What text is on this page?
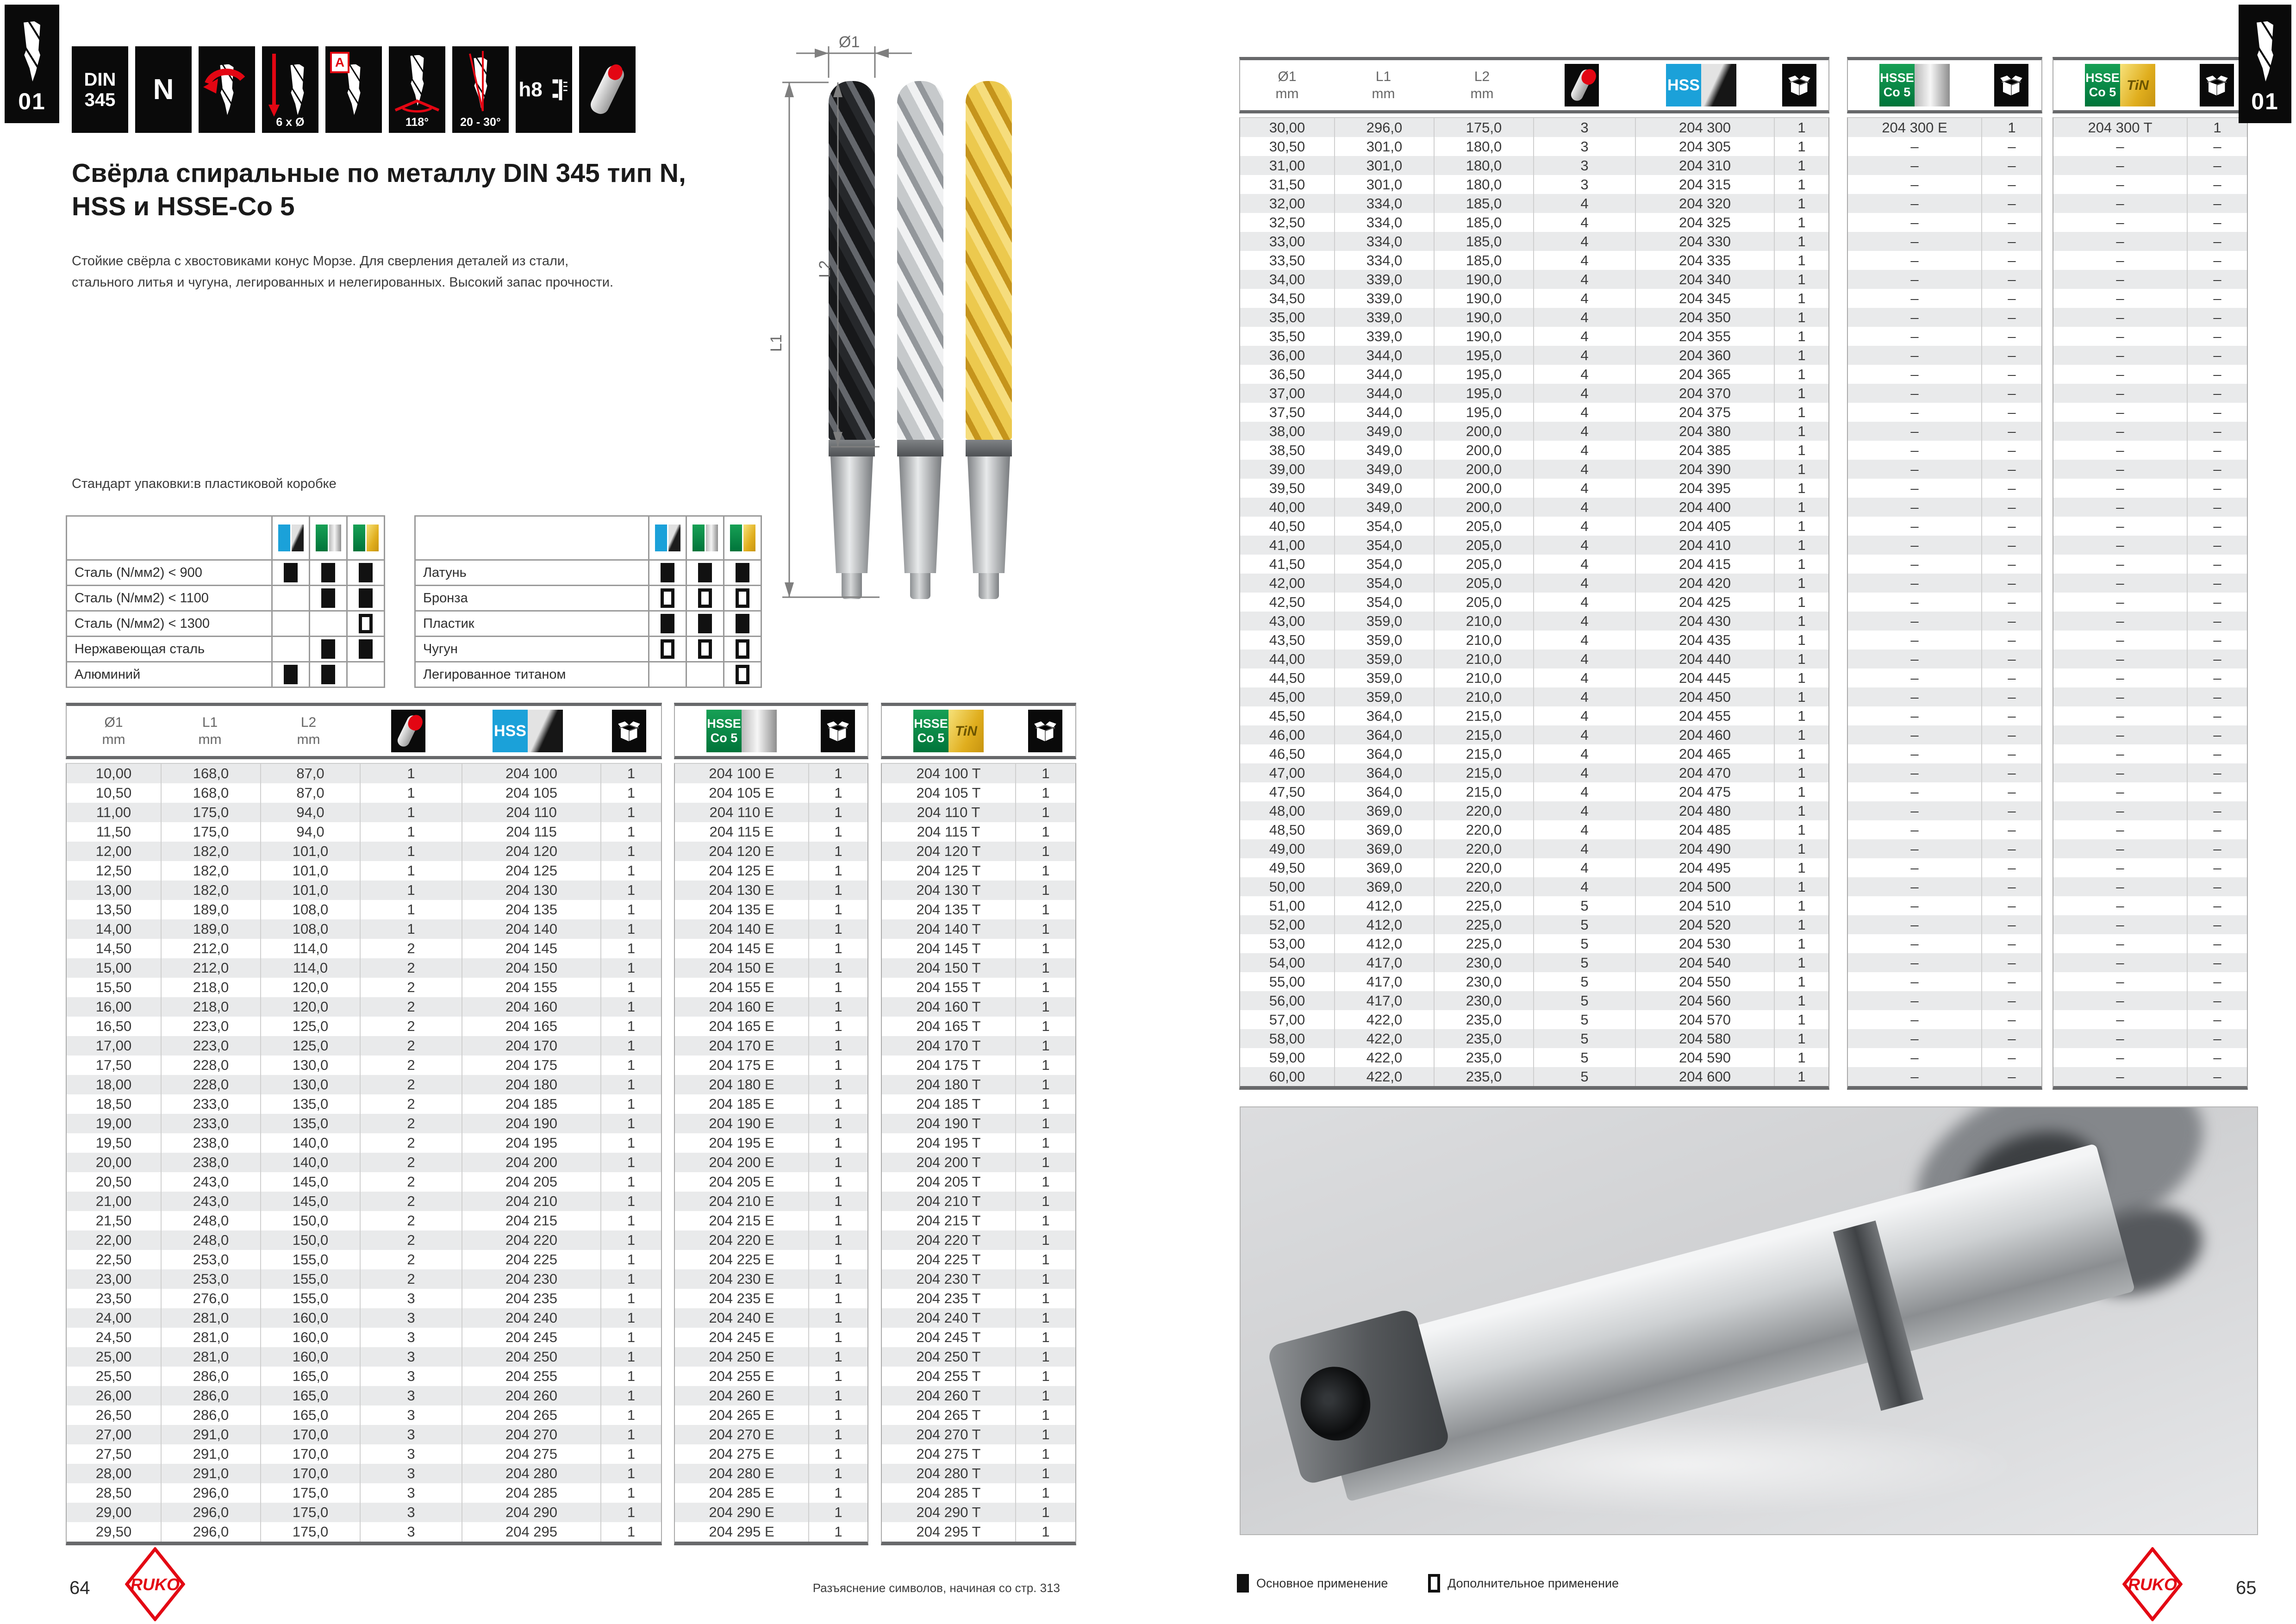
01
DIN
345 N
6 x Ø
A
118°	20 - 30°
h8
Свёрла спиральные по металлу DIN 345 тип N,
HSS и HSSE-Co 5

Стойкие свёрла с хвостовиками конус Морзе. Для сверления деталей из стали,
стального литья и чугуна, легированных и нелегированных. Высокий запас прочности.

Стандарт упаковки:в пластиковой коробке

Сталь (N/мм2) < 900
Сталь (N/мм2) < 1100
Сталь (N/мм2) < 1300
Нержавеющая сталь
Алюминий
Латунь
Бронза
Пластик
Чугун
Легированное титаном
Ø1
L1
L2
Ø1
mm
L1
mm
L2
mm	HSS
10,00	168,0	87,0	1	204 100	1
10,50	168,0	87,0	1	204 105	1
11,00	175,0	94,0	1	204 110	1
11,50	175,0	94,0	1	204 115	1
12,00	182,0	101,0	1	204 120	1
12,50	182,0	101,0	1	204 125	1
13,00	182,0	101,0	1	204 130	1
13,50	189,0	108,0	1	204 135	1
14,00	189,0	108,0	1	204 140	1
14,50	212,0	114,0	2	204 145	1
15,00	212,0	114,0	2	204 150	1
15,50	218,0	120,0	2	204 155	1
16,00	218,0	120,0	2	204 160	1
16,50	223,0	125,0	2	204 165	1
17,00	223,0	125,0	2	204 170	1
17,50	228,0	130,0	2	204 175	1
18,00	228,0	130,0	2	204 180	1
18,50	233,0	135,0	2	204 185	1
19,00	233,0	135,0	2	204 190	1
19,50	238,0	140,0	2	204 195	1
20,00	238,0	140,0	2	204 200	1
20,50	243,0	145,0	2	204 205	1
21,00	243,0	145,0	2	204 210	1
21,50	248,0	150,0	2	204 215	1
22,00	248,0	150,0	2	204 220	1
22,50	253,0	155,0	2	204 225	1
23,00	253,0	155,0	2	204 230	1
23,50	276,0	155,0	3	204 235	1
24,00	281,0	160,0	3	204 240	1
24,50	281,0	160,0	3	204 245	1
25,00	281,0	160,0	3	204 250	1
25,50	286,0	165,0	3	204 255	1
26,00	286,0	165,0	3	204 260	1
26,50	286,0	165,0	3	204 265	1
27,00	291,0	170,0	3	204 270	1
27,50	291,0	170,0	3	204 275	1
28,00	291,0	170,0	3	204 280	1
28,50	296,0	175,0	3	204 285	1
29,00	296,0	175,0	3	204 290	1
29,50	296,0	175,0	3	204 295	1
HSSE
Co 5
204 100 E	1
204 105 E	1
204 110 E	1
204 115 E	1
204 120 E	1
204 125 E	1
204 130 E	1
204 135 E	1
204 140 E	1
204 145 E	1
204 150 E	1
204 155 E	1
204 160 E	1
204 165 E	1
204 170 E	1
204 175 E	1
204 180 E	1
204 185 E	1
204 190 E	1
204 195 E	1
204 200 E	1
204 205 E	1
204 210 E	1
204 215 E	1
204 220 E	1
204 225 E	1
204 230 E	1
204 235 E	1
204 240 E	1
204 245 E	1
204 250 E	1
204 255 E	1
204 260 E	1
204 265 E	1
204 270 E	1
204 275 E	1
204 280 E	1
204 285 E	1
204 290 E	1
204 295 E	1
HSSE
Co 5 TiN
204 100 T	1
204 105 T	1
204 110 T	1
204 115 T	1
204 120 T	1
204 125 T	1
204 130 T	1
204 135 T	1
204 140 T	1
204 145 T	1
204 150 T	1
204 155 T	1
204 160 T	1
204 165 T	1
204 170 T	1
204 175 T	1
204 180 T	1
204 185 T	1
204 190 T	1
204 195 T	1
204 200 T	1
204 205 T	1
204 210 T	1
204 215 T	1
204 220 T	1
204 225 T	1
204 230 T	1
204 235 T	1
204 240 T	1
204 245 T	1
204 250 T	1
204 255 T	1
204 260 T	1
204 265 T	1
204 270 T	1
204 275 T	1
204 280 T	1
204 285 T	1
204 290 T	1
204 295 T	1
64 RUKO	Разъяснение символов, начиная со стр. 313
Ø1
mm
L1
mm
L2
mm	HSS
30,00	296,0	175,0	3	204 300	1
30,50	301,0	180,0	3	204 305	1
31,00	301,0	180,0	3	204 310	1
31,50	301,0	180,0	3	204 315	1
32,00	334,0	185,0	4	204 320	1
32,50	334,0	185,0	4	204 325	1
33,00	334,0	185,0	4	204 330	1
33,50	334,0	185,0	4	204 335	1
34,00	339,0	190,0	4	204 340	1
34,50	339,0	190,0	4	204 345	1
35,00	339,0	190,0	4	204 350	1
35,50	339,0	190,0	4	204 355	1
36,00	344,0	195,0	4	204 360	1
36,50	344,0	195,0	4	204 365	1
37,00	344,0	195,0	4	204 370	1
37,50	344,0	195,0	4	204 375	1
38,00	349,0	200,0	4	204 380	1
38,50	349,0	200,0	4	204 385	1
39,00	349,0	200,0	4	204 390	1
39,50	349,0	200,0	4	204 395	1
40,00	349,0	200,0	4	204 400	1
40,50	354,0	205,0	4	204 405	1
41,00	354,0	205,0	4	204 410	1
41,50	354,0	205,0	4	204 415	1
42,00	354,0	205,0	4	204 420	1
42,50	354,0	205,0	4	204 425	1
43,00	359,0	210,0	4	204 430	1
43,50	359,0	210,0	4	204 435	1
44,00	359,0	210,0	4	204 440	1
44,50	359,0	210,0	4	204 445	1
45,00	359,0	210,0	4	204 450	1
45,50	364,0	215,0	4	204 455	1
46,00	364,0	215,0	4	204 460	1
46,50	364,0	215,0	4	204 465	1
47,00	364,0	215,0	4	204 470	1
47,50	364,0	215,0	4	204 475	1
48,00	369,0	220,0	4	204 480	1
48,50	369,0	220,0	4	204 485	1
49,00	369,0	220,0	4	204 490	1
49,50	369,0	220,0	4	204 495	1
50,00	369,0	220,0	4	204 500	1
51,00	412,0	225,0	5	204 510	1
52,00	412,0	225,0	5	204 520	1
53,00	412,0	225,0	5	204 530	1
54,00	417,0	230,0	5	204 540	1
55,00	417,0	230,0	5	204 550	1
56,00	417,0	230,0	5	204 560	1
57,00	422,0	235,0	5	204 570	1
58,00	422,0	235,0	5	204 580	1
59,00	422,0	235,0	5	204 590	1
60,00	422,0	235,0	5	204 600	1
HSSE
Co 5
204 300 E	1
–	–
–	–
–	–
–	–
–	–
–	–
–	–
–	–
–	–
–	–
–	–
–	–
–	–
–	–
–	–
–	–
–	–
–	–
–	–
–	–
–	–
–	–
–	–
–	–
–	–
–	–
–	–
–	–
–	–
–	–
–	–
–	–
–	–
–	–
–	–
–	–
–	–
–	–
–	–
–	–
–	–
–	–
–	–
–	–
–	–
–	–
–	–
–	–
–	–
–	–
HSSE
Co 5 TiN
204 300 T	1
–	–
–	–
–	–
–	–
–	–
–	–
–	–
–	–
–	–
–	–
–	–
–	–
–	–
–	–
–	–
–	–
–	–
–	–
–	–
–	–
–	–
–	–
–	–
–	–
–	–
–	–
–	–
–	–
–	–
–	–
–	–
–	–
–	–
–	–
–	–
–	–
–	–
–	–
–	–
–	–
–	–
–	–
–	–
–	–
–	–
–	–
–	–
–	–
–	–
–	–
01
Основное применение	Дополнительное применение	RUKO	65
